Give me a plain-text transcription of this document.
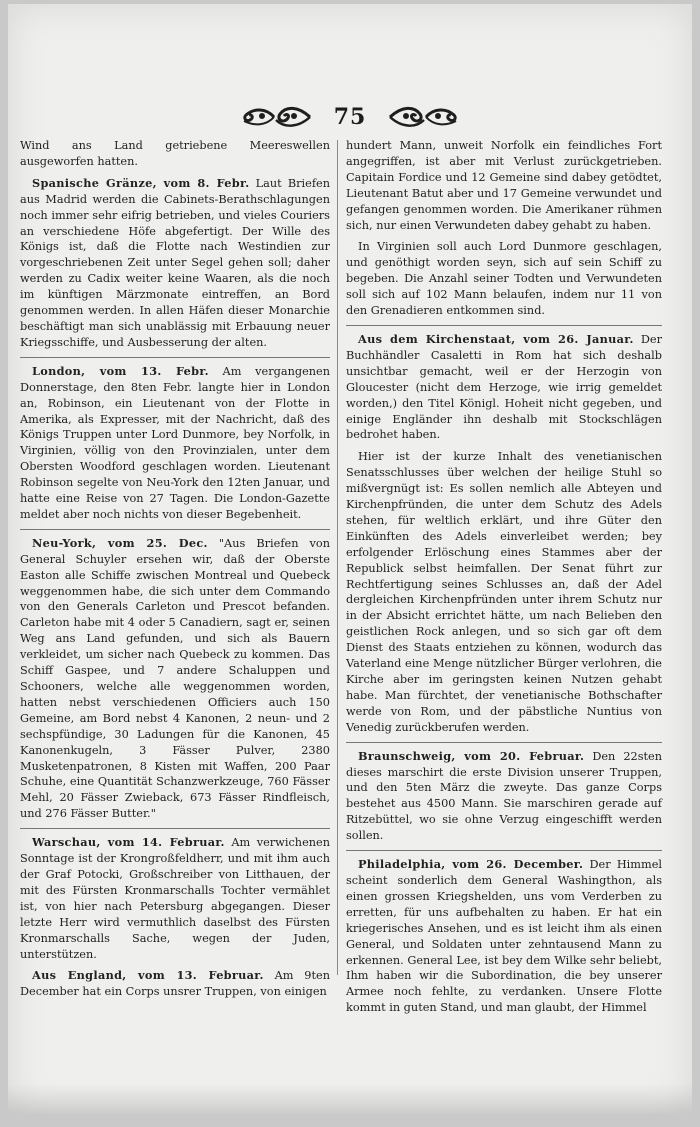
75

Wind ans Land getriebene Meereswellen ausgeworfen hatten.

Spanische Gränze, vom 8. Febr. Laut Briefen aus Madrid werden die Cabinets-Berathschlagungen noch immer sehr eifrig betrieben, und vieles Couriers an verschiedene Höfe abgefertigt. Der Wille des Königs ist, daß die Flotte nach Westindien zur vorgeschriebenen Zeit unter Segel gehen soll; daher werden zu Cadix weiter keine Waaren, als die noch im künftigen Märzmonate eintreffen, an Bord genommen werden. In allen Häfen dieser Monarchie beschäftigt man sich unablässig mit Erbauung neuer Kriegsschiffe, und Ausbesserung der alten.

London, vom 13. Febr. Am vergangenen Donnerstage, den 8ten Febr. langte hier in London an, Robinson, ein Lieutenant von der Flotte in Amerika, als Expresser, mit der Nachricht, daß des Königs Truppen unter Lord Dunmore, bey Norfolk, in Virginien, völlig von den Provinzialen, unter dem Obersten Woodford geschlagen worden. Lieutenant Robinson segelte von Neu-York den 12ten Januar, und hatte eine Reise von 27 Tagen. Die London-Gazette meldet aber noch nichts von dieser Begebenheit.

Neu-York, vom 25. Dec. "Aus Briefen von General Schuyler ersehen wir, daß der Oberste Easton alle Schiffe zwischen Montreal und Quebeck weggenommen habe, die sich unter dem Commando von den Generals Carleton und Prescot befanden. Carleton habe mit 4 oder 5 Canadiern, sagt er, seinen Weg ans Land gefunden, und sich als Bauern verkleidet, um sicher nach Quebeck zu kommen. Das Schiff Gaspee, und 7 andere Schaluppen und Schooners, welche alle weggenommen worden, hatten nebst verschiedenen Officiers auch 150 Gemeine, am Bord nebst 4 Kanonen, 2 neun- und 2 sechspfündige, 30 Ladungen für die Kanonen, 45 Kanonenkugeln, 3 Fässer Pulver, 2380 Musketenpatronen, 8 Kisten mit Waffen, 200 Paar Schuhe, eine Quantität Schanzwerkzeuge, 760 Fässer Mehl, 20 Fässer Zwieback, 673 Fässer Rindfleisch, und 276 Fässer Butter."

Warschau, vom 14. Februar. Am verwichenen Sonntage ist der Krongroßfeldherr, und mit ihm auch der Graf Potocki, Großschreiber von Litthauen, der mit des Fürsten Kronmarschalls Tochter vermählet ist, von hier nach Petersburg abgegangen. Dieser letzte Herr wird vermuthlich daselbst des Fürsten Kronmarschalls Sache, wegen der Juden, unterstützen.

Aus England, vom 13. Februar. Am 9ten December hat ein Corps unsrer Truppen, von einigen

hundert Mann, unweit Norfolk ein feindliches Fort angegriffen, ist aber mit Verlust zurückgetrieben. Capitain Fordice und 12 Gemeine sind dabey getödtet, Lieutenant Batut aber und 17 Gemeine verwundet und gefangen genommen worden. Die Amerikaner rühmen sich, nur einen Verwundeten dabey gehabt zu haben.

In Virginien soll auch Lord Dunmore geschlagen, und genöthigt worden seyn, sich auf sein Schiff zu begeben. Die Anzahl seiner Todten und Verwundeten soll sich auf 102 Mann belaufen, indem nur 11 von den Grenadieren entkommen sind.

Aus dem Kirchenstaat, vom 26. Januar. Der Buchhändler Casaletti in Rom hat sich deshalb unsichtbar gemacht, weil er der Herzogin von Gloucester (nicht dem Herzoge, wie irrig gemeldet worden,) den Titel Königl. Hoheit nicht gegeben, und einige Engländer ihn deshalb mit Stockschlägen bedrohet haben.

Hier ist der kurze Inhalt des venetianischen Senatsschlusses über welchen der heilige Stuhl so mißvergnügt ist: Es sollen nemlich alle Abteyen und Kirchenpfründen, die unter dem Schutz des Adels stehen, für weltlich erklärt, und ihre Güter den Einkünften des Adels einverleibet werden; bey erfolgender Erlöschung eines Stammes aber der Republick selbst heimfallen. Der Senat führt zur Rechtfertigung seines Schlusses an, daß der Adel dergleichen Kirchenpfründen unter ihrem Schutz nur in der Absicht errichtet hätte, um nach Belieben den geistlichen Rock anlegen, und so sich gar oft dem Dienst des Staats entziehen zu können, wodurch das Vaterland eine Menge nützlicher Bürger verlohren, die Kirche aber im geringsten keinen Nutzen gehabt habe. Man fürchtet, der venetianische Bothschafter werde von Rom, und der päbstliche Nuntius von Venedig zurückberufen werden.

Braunschweig, vom 20. Februar. Den 22sten dieses marschirt die erste Division unserer Truppen, und den 5ten März die zweyte. Das ganze Corps bestehet aus 4500 Mann. Sie marschiren gerade auf Ritzebüttel, wo sie ohne Verzug eingeschifft werden sollen.

Philadelphia, vom 26. December. Der Himmel scheint sonderlich dem General Washingthon, als einen grossen Kriegshelden, uns vom Verderben zu erretten, für uns aufbehalten zu haben. Er hat ein kriegerisches Ansehen, und es ist leicht ihm als einen General, und Soldaten unter zehntausend Mann zu erkennen. General Lee, ist bey dem Wilke sehr beliebt, Ihm haben wir die Subordination, die bey unserer Armee noch fehlte, zu verdanken. Unsere Flotte kommt in guten Stand, und man glaubt, der Himmel
